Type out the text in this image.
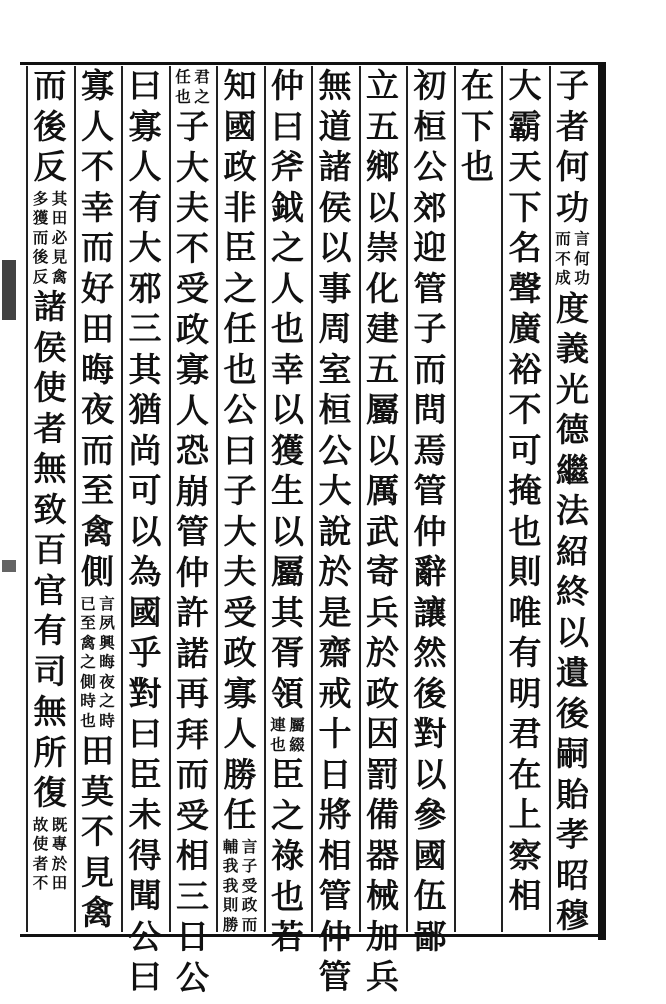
子
者
何
功
言
何
功
而
不
成
度
義
光
德
繼
法
紹
終
以
遺
後
嗣
貽
孝
昭
穆
大
霸
天
下
名
聲
廣
裕
不
可
掩
也
則
唯
有
明
君
在
上
察
相
在
下
也
初
桓
公
郊
迎
管
子
而
問
焉
管
仲
辭
讓
然
後
對
以
參
國
伍
鄙
立
五
鄉
以
崇
化
建
五
屬
以
厲
武
寄
兵
於
政
因
罰
備
器
械
加
兵
無
道
諸
侯
以
事
周
室
桓
公
大
說
於
是
齋
戒
十
日
將
相
管
仲
管
仲
曰
斧
鉞
之
人
也
幸
以
獲
生
以
屬
其
胥
領
屬
綴
連
也
臣
之
祿
也
若
知
國
政
非
臣
之
任
也
公
曰
子
大
夫
受
政
寡
人
勝
任
言
子
受
政
而
輔
我
我
則
勝
君
之
任
也
子
大
夫
不
受
政
寡
人
恐
崩
管
仲
許
諾
再
拜
而
受
相
三
日
公
曰
寡
人
有
大
邪
三
其
猶
尚
可
以
為
國
乎
對
曰
臣
未
得
聞
公
曰
寡
人
不
幸
而
好
田
晦
夜
而
至
禽
側
言
夙
興
晦
夜
之
時
已
至
禽
之
側
時
也
田
莫
不
見
禽
而
後
反
其
田
必
見
禽
多
獲
而
後
反
諸
侯
使
者
無
致
百
官
有
司
無
所
復
既
專
於
田
故
使
者
不
